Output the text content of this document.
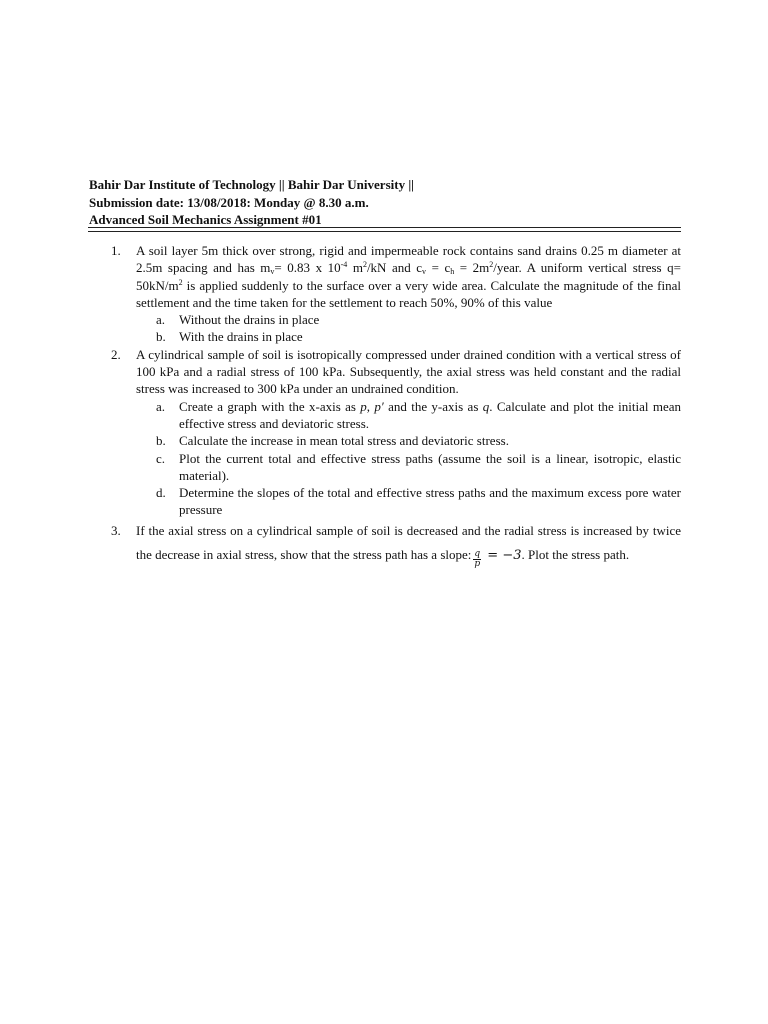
Bahir Dar Institute of Technology || Bahir Dar University ||
Submission date: 13/08/2018: Monday @ 8.30 a.m.
Advanced Soil Mechanics Assignment #01
1. A soil layer 5m thick over strong, rigid and impermeable rock contains sand drains 0.25 m diameter at 2.5m spacing and has $m_v= 0.83$ x $10^{-4}$ $m^2/kN$ and $c_v = c_h$ = $2m^2$/year. A uniform vertical stress $q= 50kN/m^2$ is applied suddenly to the surface over a very wide area. Calculate the magnitude of the final settlement and the time taken for the settlement to reach 50%, 90% of this value
a. Without the drains in place
b. With the drains in place
2. A cylindrical sample of soil is isotropically compressed under drained condition with a vertical stress of 100 kPa and a radial stress of 100 kPa. Subsequently, the axial stress was held constant and the radial stress was increased to 300 kPa under an undrained condition.
a. Create a graph with the x-axis as p, p′ and the y-axis as q. Calculate and plot the initial mean effective stress and deviatoric stress.
b. Calculate the increase in mean total stress and deviatoric stress.
c. Plot the current total and effective stress paths (assume the soil is a linear, isotropic, elastic material).
d. Determine the slopes of the total and effective stress paths and the maximum excess pore water pressure
3. If the axial stress on a cylindrical sample of soil is decreased and the radial stress is increased by twice the decrease in axial stress, show that the stress path has a slope: $\frac{q}{p} = -3$. Plot the stress path.
